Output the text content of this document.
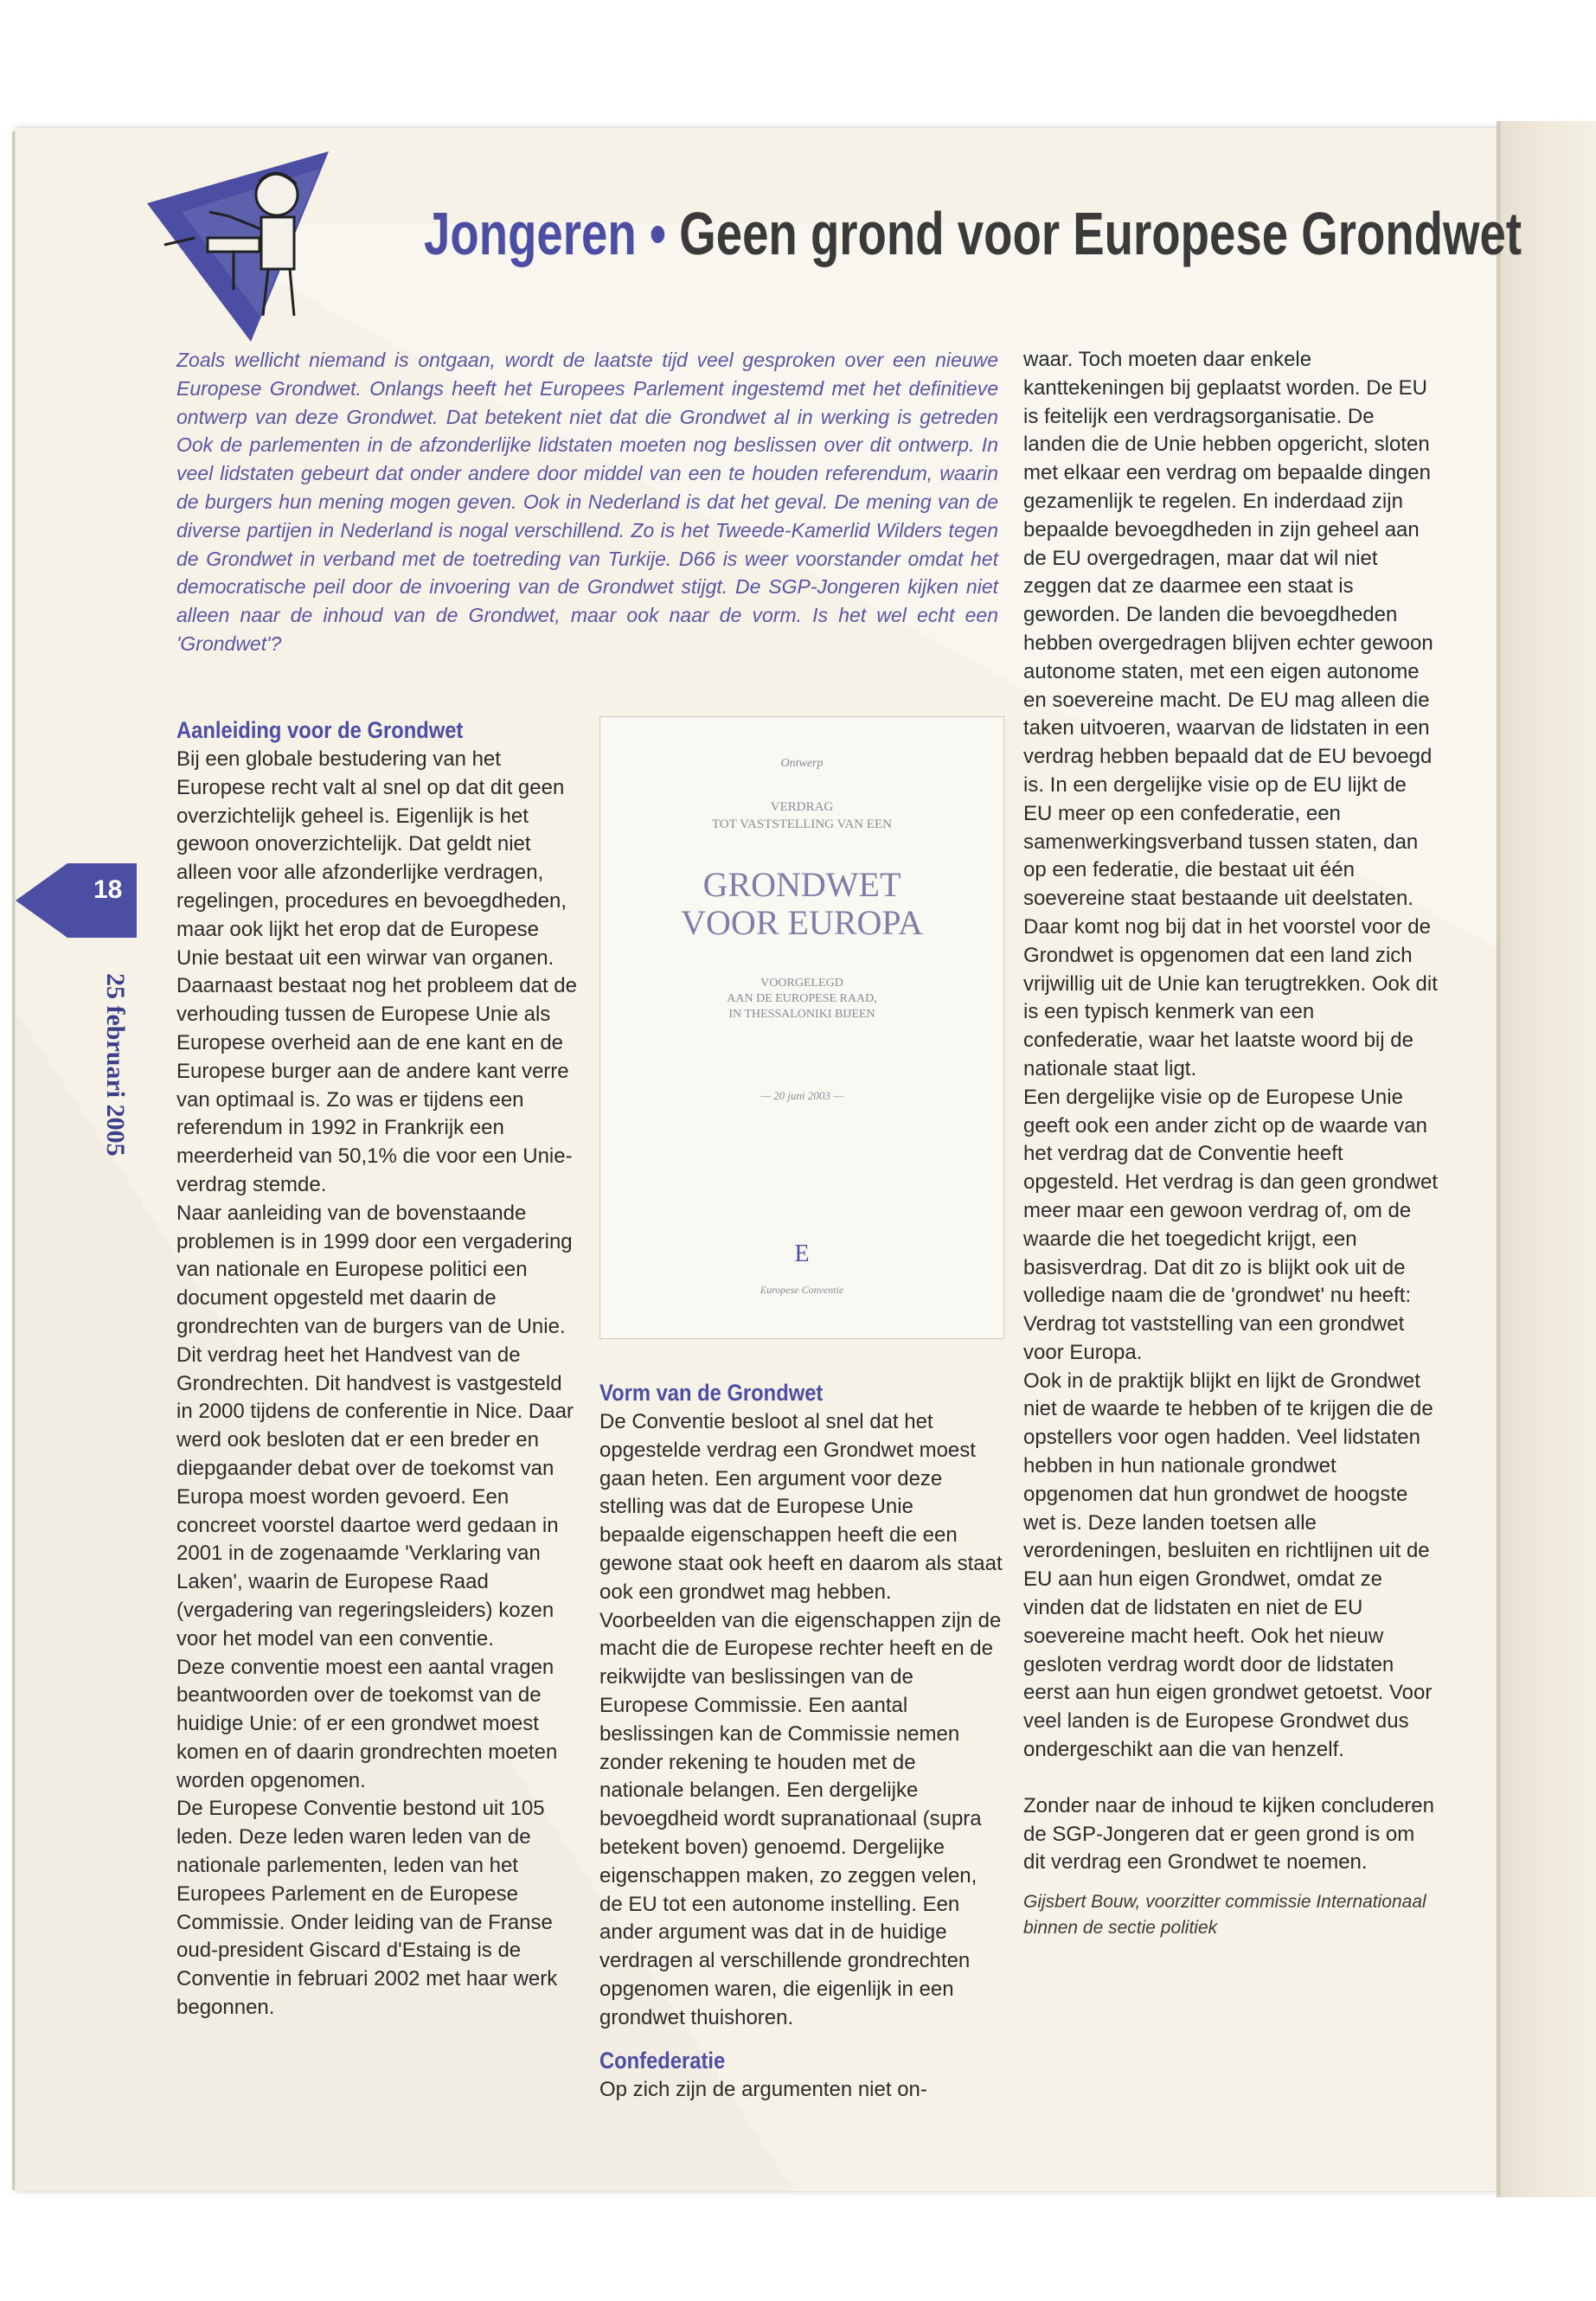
Jongeren • Geen grond voor Europese Grondwet
18
25 februari 2005
Zoals wellicht niemand is ontgaan, wordt de laatste tijd veel gesproken over een nieuwe Europese Grondwet. Onlangs heeft het Europees Parlement ingestemd met het definitieve ontwerp van deze Grondwet. Dat betekent niet dat die Grondwet al in werking is getreden Ook de parlementen in de afzonderlijke lidstaten moeten nog beslissen over dit ontwerp. In veel lidstaten gebeurt dat onder andere door middel van een te houden referendum, waarin de burgers hun mening mogen geven. Ook in Nederland is dat het geval. De mening van de diverse partijen in Nederland is nogal verschillend. Zo is het Tweede-Kamerlid Wilders tegen de Grondwet in verband met de toetreding van Turkije. D66 is weer voorstander omdat het democratische peil door de invoering van de Grondwet stijgt. De SGP-Jongeren kijken niet alleen naar de inhoud van de Grondwet, maar ook naar de vorm. Is het wel echt een 'Grondwet'?
Aanleiding voor de Grondwet

Bij een globale bestudering van het Europese recht valt al snel op dat dit geen overzichtelijk geheel is. Eigenlijk is het gewoon onoverzichtelijk. Dat geldt niet alleen voor alle afzonderlijke verdragen, regelingen, procedures en bevoegdheden, maar ook lijkt het erop dat de Europese Unie bestaat uit een wirwar van organen. Daarnaast bestaat nog het probleem dat de verhouding tussen de Europese Unie als Europese overheid aan de ene kant en de Europese burger aan de andere kant verre van optimaal is. Zo was er tijdens een referendum in 1992 in Frankrijk een meerderheid van 50,1% die voor een Unie-verdrag stemde.

Naar aanleiding van de bovenstaande problemen is in 1999 door een vergadering van nationale en Europese politici een document opgesteld met daarin de grondrechten van de burgers van de Unie. Dit verdrag heet het Handvest van de Grondrechten. Dit handvest is vastgesteld in 2000 tijdens de conferentie in Nice. Daar werd ook besloten dat er een breder en diepgaander debat over de toekomst van Europa moest worden gevoerd. Een concreet voorstel daartoe werd gedaan in 2001 in de zogenaamde 'Verklaring van Laken', waarin de Europese Raad (vergadering van regeringsleiders) kozen voor het model van een conventie.

Deze conventie moest een aantal vragen beantwoorden over de toekomst van de huidige Unie: of er een grondwet moest komen en of daarin grondrechten moeten worden opgenomen.

De Europese Conventie bestond uit 105 leden. Deze leden waren leden van de nationale parlementen, leden van het Europees Parlement en de Europese Commissie. Onder leiding van de Franse oud-president Giscard d'Estaing is de Conventie in februari 2002 met haar werk begonnen.

Ontwerp
VERDRAG
TOT VASTSTELLING VAN EEN
GRONDWET
VOOR EUROPA
VOORGELEGD
AAN DE EUROPESE RAAD,
IN THESSALONIKI BIJEEN
— 20 juni 2003 —
E
Europese Conventie
Vorm van de Grondwet

De Conventie besloot al snel dat het opgestelde verdrag een Grondwet moest gaan heten. Een argument voor deze stelling was dat de Europese Unie bepaalde eigenschappen heeft die een gewone staat ook heeft en daarom als staat ook een grondwet mag hebben. Voorbeelden van die eigenschappen zijn de macht die de Europese rechter heeft en de reikwijdte van beslissingen van de Europese Commissie. Een aantal beslissingen kan de Commissie nemen zonder rekening te houden met de nationale belangen. Een dergelijke bevoegdheid wordt supranationaal (supra betekent boven) genoemd. Dergelijke eigenschappen maken, zo zeggen velen, de EU tot een autonome instelling. Een ander argument was dat in de huidige verdragen al verschillende grondrechten opgenomen waren, die eigenlijk in een grondwet thuishoren.

Confederatie

Op zich zijn de argumenten niet on-

waar. Toch moeten daar enkele kanttekeningen bij geplaatst worden. De EU is feitelijk een verdragsorganisatie. De landen die de Unie hebben opgericht, sloten met elkaar een verdrag om bepaalde dingen gezamenlijk te regelen. En inderdaad zijn bepaalde bevoegdheden in zijn geheel aan de EU overgedragen, maar dat wil niet zeggen dat ze daarmee een staat is geworden. De landen die bevoegdheden hebben overgedragen blijven echter gewoon autonome staten, met een eigen autonome en soevereine macht. De EU mag alleen die taken uitvoeren, waarvan de lidstaten in een verdrag hebben bepaald dat de EU bevoegd is. In een dergelijke visie op de EU lijkt de EU meer op een confederatie, een samenwerkingsverband tussen staten, dan op een federatie, die bestaat uit één soevereine staat bestaande uit deelstaten. Daar komt nog bij dat in het voorstel voor de Grondwet is opgenomen dat een land zich vrijwillig uit de Unie kan terugtrekken. Ook dit is een typisch kenmerk van een confederatie, waar het laatste woord bij de nationale staat ligt.

Een dergelijke visie op de Europese Unie geeft ook een ander zicht op de waarde van het verdrag dat de Conventie heeft opgesteld. Het verdrag is dan geen grondwet meer maar een gewoon verdrag of, om de waarde die het toegedicht krijgt, een basisverdrag. Dat dit zo is blijkt ook uit de volledige naam die de 'grondwet' nu heeft: Verdrag tot vaststelling van een grondwet voor Europa.

Ook in de praktijk blijkt en lijkt de Grondwet niet de waarde te hebben of te krijgen die de opstellers voor ogen hadden. Veel lidstaten hebben in hun nationale grondwet opgenomen dat hun grondwet de hoogste wet is. Deze landen toetsen alle verordeningen, besluiten en richtlijnen uit de EU aan hun eigen Grondwet, omdat ze vinden dat de lidstaten en niet de EU soevereine macht heeft. Ook het nieuw gesloten verdrag wordt door de lidstaten eerst aan hun eigen grondwet getoetst. Voor veel landen is de Europese Grondwet dus ondergeschikt aan die van henzelf.

Zonder naar de inhoud te kijken concluderen de SGP-Jongeren dat er geen grond is om dit verdrag een Grondwet te noemen.

Gijsbert Bouw, voorzitter commissie Internationaal binnen de sectie politiek
